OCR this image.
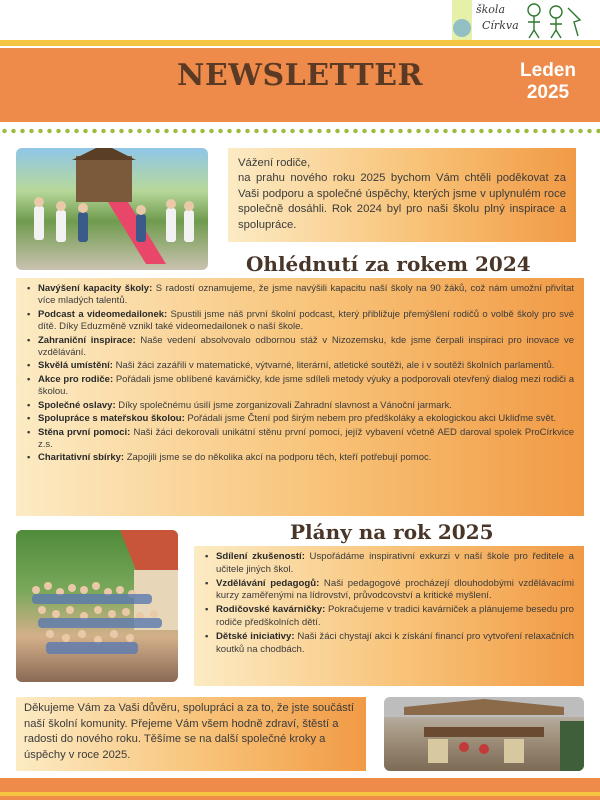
škola
Církva
NEWSLETTER	Leden
2025

Vážení rodiče,
na prahu nového roku 2025 bychom Vám chtěli poděkovat za Vaši podporu a společné úspěchy, kterých jsme v uplynulém roce společně dosáhli. Rok 2024 byl pro naši školu plný inspirace a spolupráce.

Ohlédnutí za rokem 2024
• Navýšení kapacity školy: S radostí oznamujeme, že jsme navýšili kapacitu naší školy na 90 žáků, což nám umožní přivítat více mladých talentů.
• Podcast a videomedailonek: Spustili jsme náš první školní podcast, který přibližuje přemýšlení rodičů o volbě školy pro své dítě. Díky Eduzměně vznikl také videomedailonek o naší škole.
• Zahraniční inspirace: Naše vedení absolvovalo odbornou stáž v Nizozemsku, kde jsme čerpali inspiraci pro inovace ve vzdělávání.
• Skvělá umístění: Naši žáci zazářili v matematické, výtvarné, literární, atletické soutěži, ale i v soutěži školních parlamentů.
• Akce pro rodiče: Pořádali jsme oblíbené kavárničky, kde jsme sdíleli metody výuky a podporovali otevřený dialog mezi rodiči a školou.
• Společné oslavy: Díky společnému úsilí jsme zorganizovali Zahradní slavnost a Vánoční jarmark.
• Spolupráce s mateřskou školou: Pořádali jsme Čtení pod širým nebem pro předškoláky a ekologickou akci Ukliďme svět.
• Stěna první pomoci: Naši žáci dekorovali unikátní stěnu první pomoci, jejíž vybavení včetně AED daroval spolek ProCírkvice z.s.
• Charitativní sbírky: Zapojili jsme se do několika akcí na podporu těch, kteří potřebují pomoc.
Plány na rok 2025
• Sdílení zkušeností: Uspořádáme inspirativní exkurzi v naší škole pro ředitele a učitele jiných škol.
• Vzdělávání pedagogů: Naši pedagogové procházejí dlouhodobými vzdělávacími kurzy zaměřenými na lídrovství, průvodcovství a kritické myšlení.
• Rodičovské kavárničky: Pokračujeme v tradici kavárniček a plánujeme besedu pro rodiče předškolních dětí.
• Dětské iniciativy: Naši žáci chystají akci k získání financí pro vytvoření relaxačních koutků na chodbách.

Děkujeme Vám za Vaši důvěru, spolupráci a za to, že jste součástí naší školní komunity. Přejeme Vám všem hodně zdraví, štěstí a radosti do nového roku. Těšíme se na další společné kroky a úspěchy v roce 2025.
